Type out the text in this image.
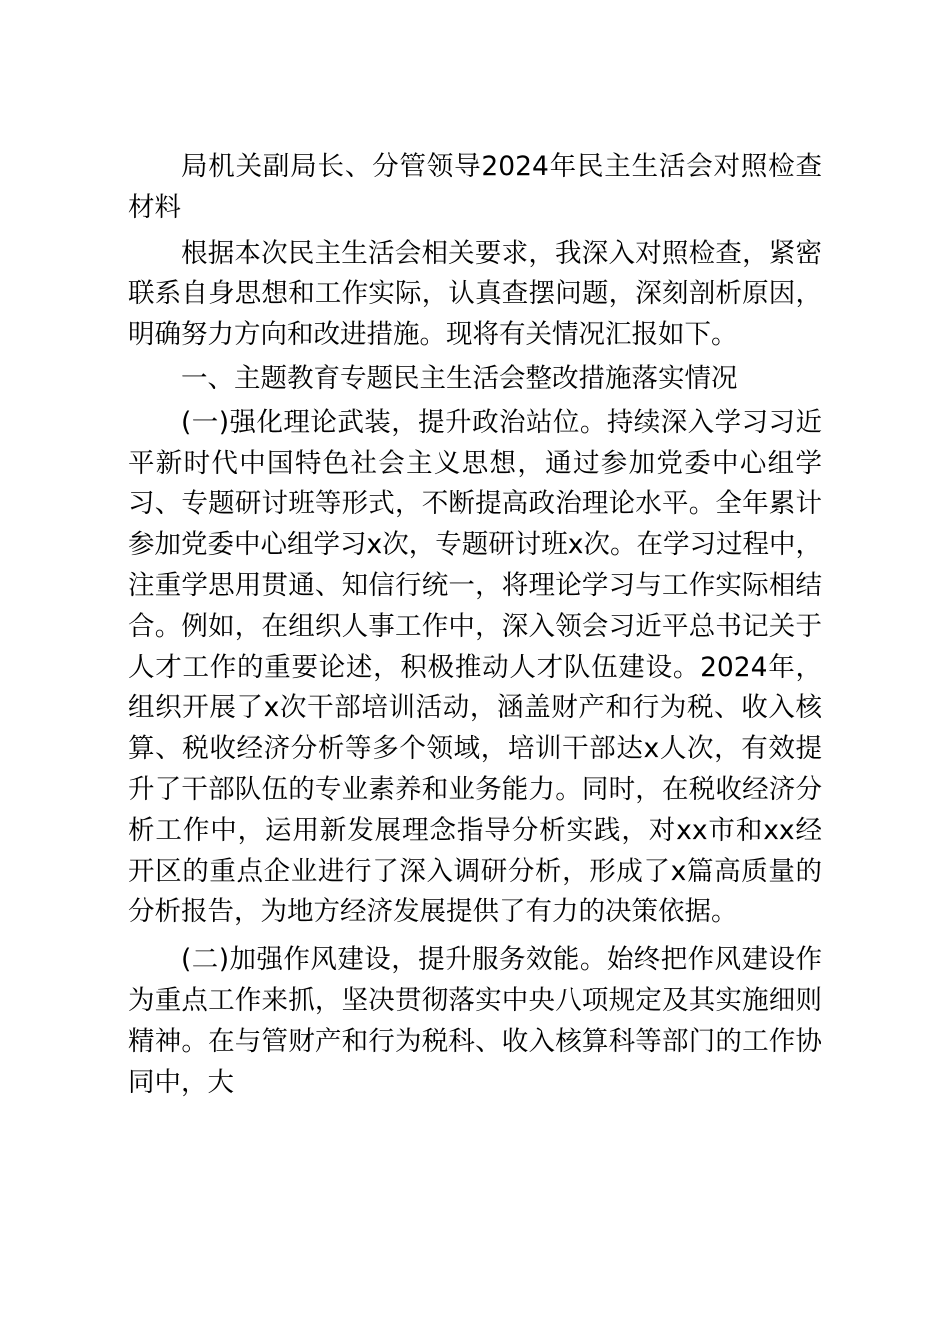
局机关副局长、分管领导2024年民主生活会对照检查材料

根据本次民主生活会相关要求，我深入对照检查，紧密联系自身思想和工作实际，认真查摆问题，深刻剖析原因，明确努力方向和改进措施。现将有关情况汇报如下。

一、主题教育专题民主生活会整改措施落实情况

(一)强化理论武装，提升政治站位。持续深入学习习近平新时代中国特色社会主义思想，通过参加党委中心组学习、专题研讨班等形式，不断提高政治理论水平。全年累计参加党委中心组学习x次，专题研讨班x次。在学习过程中，注重学思用贯通、知信行统一，将理论学习与工作实际相结合。例如，在组织人事工作中，深入领会习近平总书记关于人才工作的重要论述，积极推动人才队伍建设。2024年，组织开展了x次干部培训活动，涵盖财产和行为税、收入核算、税收经济分析等多个领域，培训干部达x人次，有效提升了干部队伍的专业素养和业务能力。同时，在税收经济分析工作中，运用新发展理念指导分析实践，对xx市和xx经开区的重点企业进行了深入调研分析，形成了x篇高质量的分析报告，为地方经济发展提供了有力的决策依据。

(二)加强作风建设，提升服务效能。始终把作风建设作为重点工作来抓，坚决贯彻落实中央八项规定及其实施细则精神。在与管财产和行为税科、收入核算科等部门的工作协同中，大
